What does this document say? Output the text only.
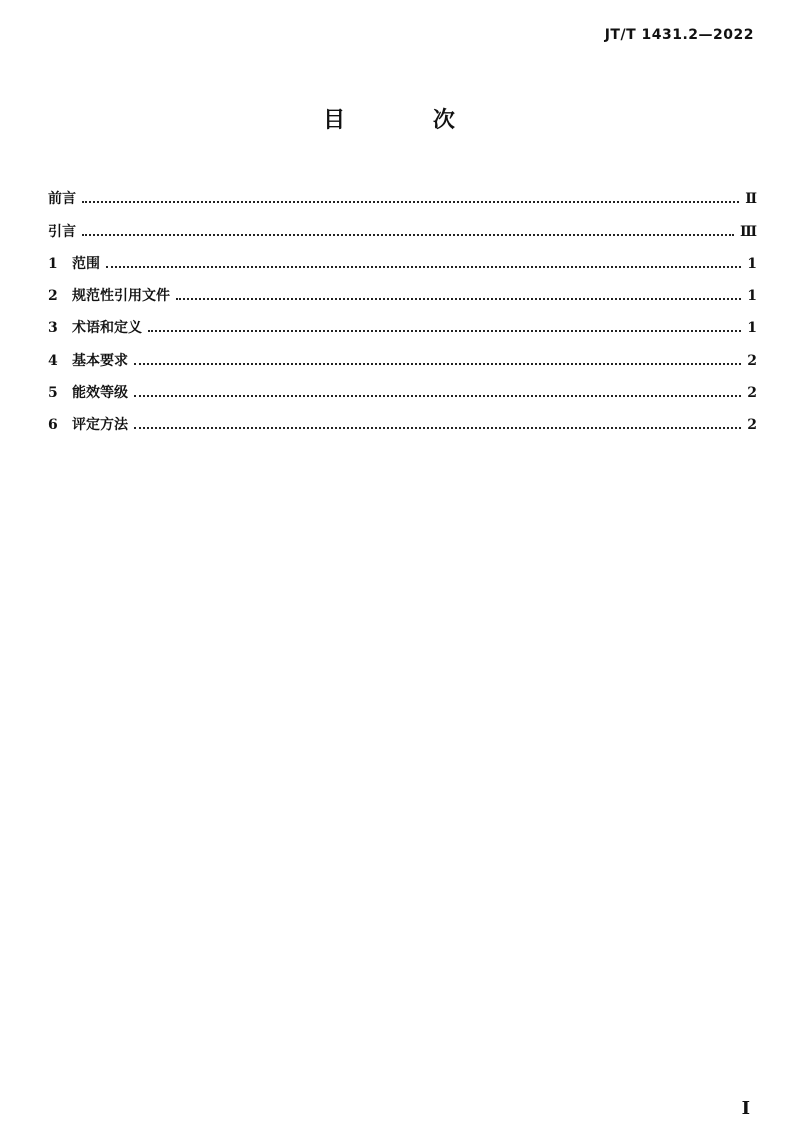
JT/T 1431.2—2022
目 次
前言	Ⅱ
引言	Ⅲ
1	范围	1
2	规范性引用文件	1
3	术语和定义	1
4	基本要求	2
5	能效等级	2
6	评定方法	2
I
